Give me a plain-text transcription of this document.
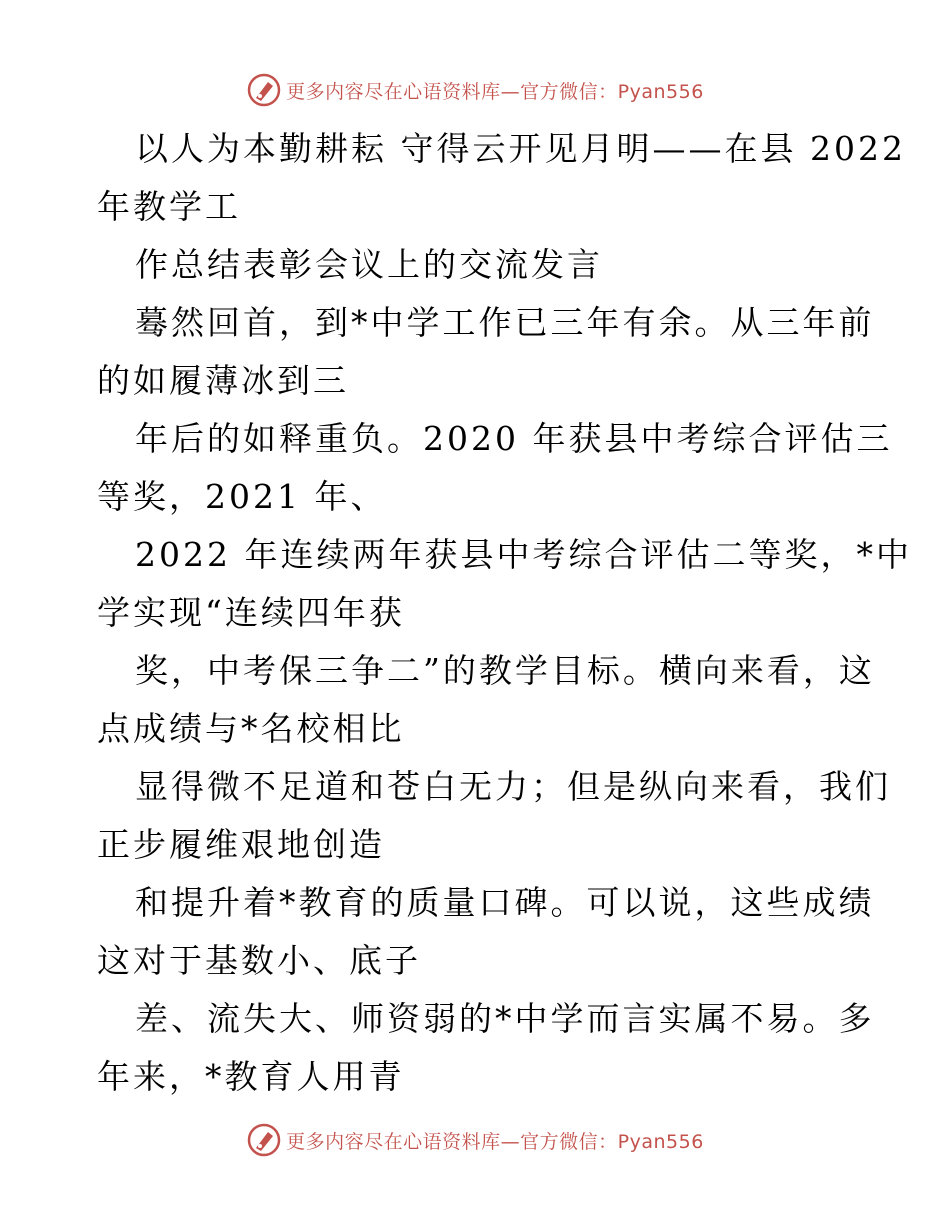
更多内容尽在心语资料库—官方微信：Pyan556
以人为本勤耕耘 守得云开见月明——在县 2022
年教学工
作总结表彰会议上的交流发言
蓦然回首，到*中学工作已三年有余。从三年前
的如履薄冰到三
年后的如释重负。2020 年获县中考综合评估三
等奖，2021 年、
2022 年连续两年获县中考综合评估二等奖，*中
学实现“连续四年获
奖，中考保三争二”的教学目标。横向来看，这
点成绩与*名校相比
显得微不足道和苍白无力；但是纵向来看，我们
正步履维艰地创造
和提升着*教育的质量口碑。可以说，这些成绩
这对于基数小、底子
差、流失大、师资弱的*中学而言实属不易。多
年来，*教育人用青
更多内容尽在心语资料库—官方微信：Pyan556
